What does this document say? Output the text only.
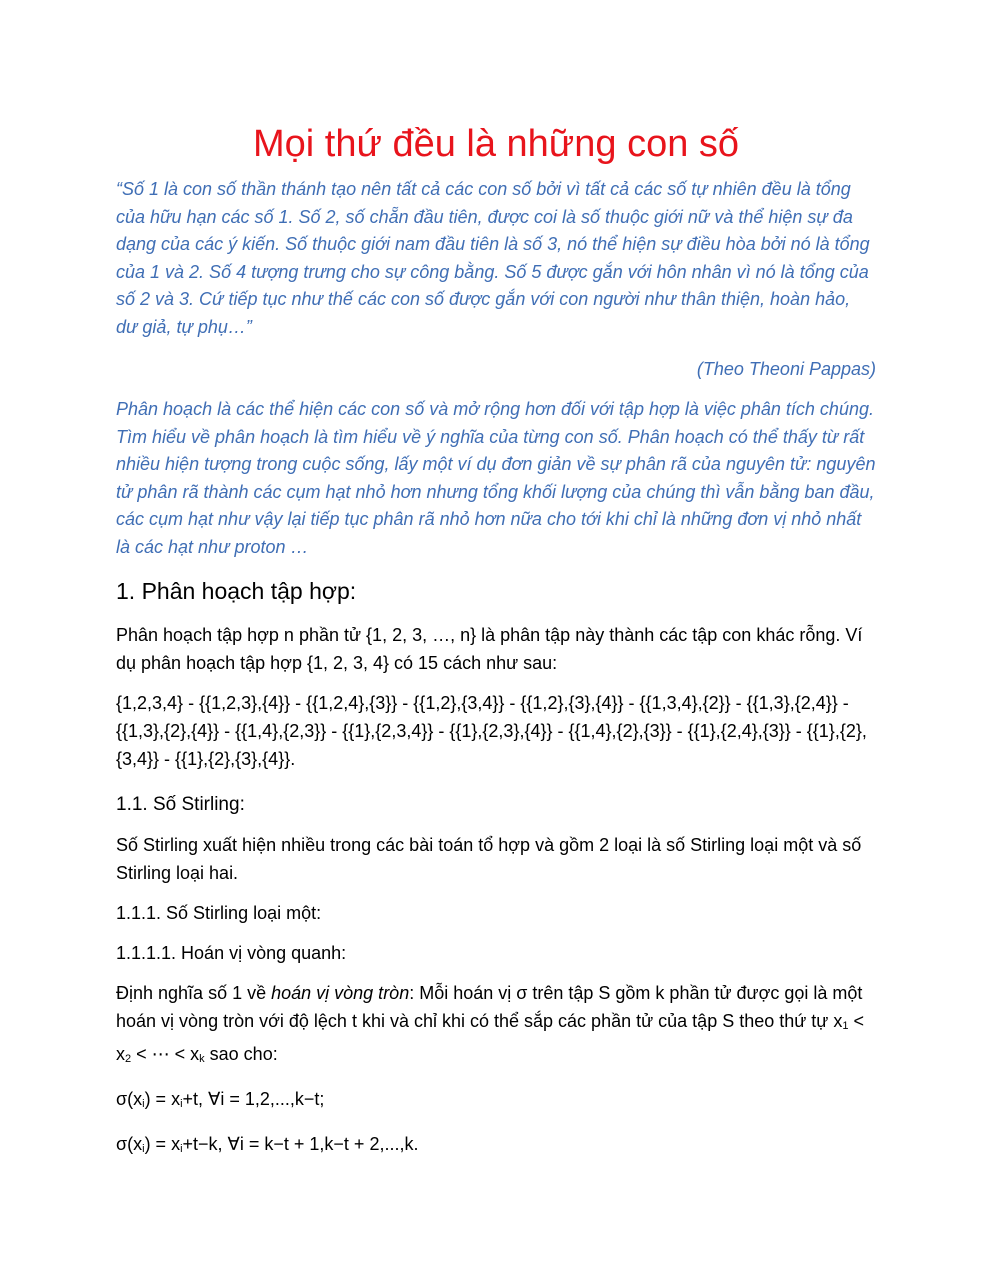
Mọi thứ đều là những con số

“Số 1 là con số thần thánh tạo nên tất cả các con số bởi vì tất cả các số tự nhiên đều là tổng của hữu hạn các số 1. Số 2, số chẵn đầu tiên, được coi là số thuộc giới nữ và thể hiện sự đa dạng của các ý kiến. Số thuộc giới nam đầu tiên là số 3, nó thể hiện sự điều hòa bởi nó là tổng của 1 và 2. Số 4 tượng trưng cho sự công bằng. Số 5 được gắn với hôn nhân vì nó là tổng của số 2 và 3. Cứ tiếp tục như thế các con số được gắn với con người như thân thiện, hoàn hảo, dư giả, tự phụ…”

(Theo Theoni Pappas)

Phân hoạch là các thể hiện các con số và mở rộng hơn đối với tập hợp là việc phân tích chúng. Tìm hiểu về phân hoạch là tìm hiểu về ý nghĩa của từng con số. Phân hoạch có thể thấy từ rất nhiều hiện tượng trong cuộc sống, lấy một ví dụ đơn giản về sự phân rã của nguyên tử: nguyên tử phân rã thành các cụm hạt nhỏ hơn nhưng tổng khối lượng của chúng thì vẫn bằng ban đầu, các cụm hạt như vậy lại tiếp tục phân rã nhỏ hơn nữa cho tới khi chỉ là những đơn vị nhỏ nhất là các hạt như proton …

1. Phân hoạch tập hợp:

Phân hoạch tập hợp n phần tử {1, 2, 3, …, n} là phân tập này thành các tập con khác rỗng. Ví dụ phân hoạch tập hợp {1, 2, 3, 4} có 15 cách như sau:

{1,2,3,4} - {{1,2,3},{4}} - {{1,2,4},{3}} - {{1,2},{3,4}} - {{1,2},{3},{4}} - {{1,3,4},{2}} - {{1,3},{2,4}} - {{1,3},{2},{4}} - {{1,4},{2,3}} - {{1},{2,3,4}} - {{1},{2,3},{4}} - {{1,4},{2},{3}} - {{1},{2,4},{3}} - {{1},{2},{3,4}} - {{1},{2},{3},{4}}.

1.1. Số Stirling:

Số Stirling xuất hiện nhiều trong các bài toán tổ hợp và gồm 2 loại là số Stirling loại một và số Stirling loại hai.

1.1.1. Số Stirling loại một:
1.1.1.1. Hoán vị vòng quanh:

Định nghĩa số 1 về hoán vị vòng tròn: Mỗi hoán vị σ trên tập S gồm k phần tử được gọi là một hoán vị vòng tròn với độ lệch t khi và chỉ khi có thể sắp các phần tử của tập S theo thứ tự $x_1 < x_2$ < ⋯ < $x_k$ sao cho:

$\sigma(x_i) = x_i+t$, ∀i = 1,2,...,k−t;

$\sigma(x_i) = x_i+t-k$, ∀i = k−t + 1,k−t + 2,...,k.
